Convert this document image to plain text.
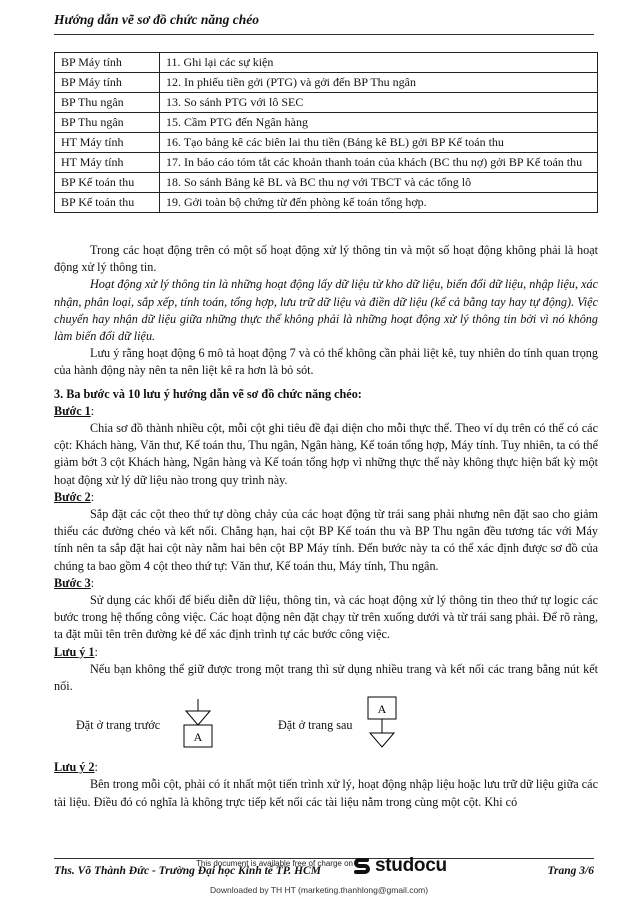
Hướng dẫn vẽ sơ đồ chức năng chéo
BP Máy tính	11. Ghi lại các sự kiện
BP Máy tính	12. In phiếu tiền gởi (PTG) và gởi đến BP Thu ngân
BP Thu ngân	13. So sánh PTG với lô SEC
BP Thu ngân	15. Cầm PTG đến Ngân hàng
HT Máy tính	16. Tạo bảng kê các biên lai thu tiền (Bảng kê BL) gởi BP Kế toán thu
HT Máy tính	17. In báo cáo tóm tắt các khoản thanh toán của khách (BC thu nợ) gởi BP Kế toán thu
BP Kế toán thu	18. So sánh Bảng kê BL và BC thu nợ với TBCT và các tổng lô
BP Kế toán thu	19. Gởi toàn bộ chứng từ đến phòng kế toán tổng hợp.

Trong các hoạt động trên có một số hoạt động xử lý thông tin và một số hoạt động không phải là hoạt động xử lý thông tin.

Hoạt động xử lý thông tin là những hoạt động lấy dữ liệu từ kho dữ liệu, biến đổi dữ liệu, nhập liệu, xác nhận, phân loại, sắp xếp, tính toán, tổng hợp, lưu trữ dữ liệu và điền dữ liệu (kể cả bằng tay hay tự động). Việc chuyển hay nhận dữ liệu giữa những thực thể không phải là những hoạt động xử lý thông tin bởi vì nó không làm biến đổi dữ liệu.

Lưu ý rằng hoạt động 6 mô tả hoạt động 7 và có thể không cần phải liệt kê, tuy nhiên do tính quan trọng của hành động này nên ta nên liệt kê ra hơn là bỏ sót.

3. Ba bước và 10 lưu ý hướng dẫn vẽ sơ đồ chức năng chéo:

Bước 1:

Chia sơ đồ thành nhiều cột, mỗi cột ghi tiêu đề đại diện cho mỗi thực thể. Theo ví dụ trên có thể có các cột: Khách hàng, Văn thư, Kế toán thu, Thu ngân, Ngân hàng, Kế toán tổng hợp, Máy tính. Tuy nhiên, ta có thể giảm bớt 3 cột Khách hàng, Ngân hàng và Kế toán tổng hợp vì những thực thể này không thực hiện bất kỳ một hoạt động xử lý dữ liệu nào trong quy trình này.

Bước 2:

Sắp đặt các cột theo thứ tự dòng chảy của các hoạt động từ trái sang phải nhưng nên đặt sao cho giảm thiểu các đường chéo và kết nối. Chẳng hạn, hai cột BP Kế toán thu và BP Thu ngân đều tương tác với Máy tính nên ta sắp đặt hai cột này nằm hai bên cột BP Máy tính. Đến bước này ta có thể xác định được sơ đồ của chúng ta bao gồm 4 cột theo thứ tự: Văn thư, Kế toán thu, Máy tính, Thu ngân.

Bước 3:

Sử dụng các khối để biểu diễn dữ liệu, thông tin, và các hoạt động xử lý thông tin theo thứ tự logic các bước trong hệ thống công việc. Các hoạt động nên đặt chạy từ trên xuống dưới và từ trái sang phải. Để rõ ràng, ta đặt mũi tên trên đường kẻ để xác định trình tự các bước công việc.

Lưu ý 1:

Nếu bạn không thể giữ được trong một trang thì sử dụng nhiều trang và kết nối các trang bằng nút kết nối.

Đặt ở trang trước
A
Đặt ở trang sau
A

Lưu ý 2:

Bên trong mỗi cột, phải có ít nhất một tiến trình xử lý, hoạt động nhập liệu hoặc lưu trữ dữ liệu giữa các tài liệu. Điều đó có nghĩa là không trực tiếp kết nối các tài liệu nằm trong cùng một cột. Khi có

Ths. Võ Thành Đức - Trường Đại học Kinh tế TP. HCM
This document is available free of charge on studocu	Trang 3/6
Downloaded by TH HT (marketing.thanhlong@gmail.com)
